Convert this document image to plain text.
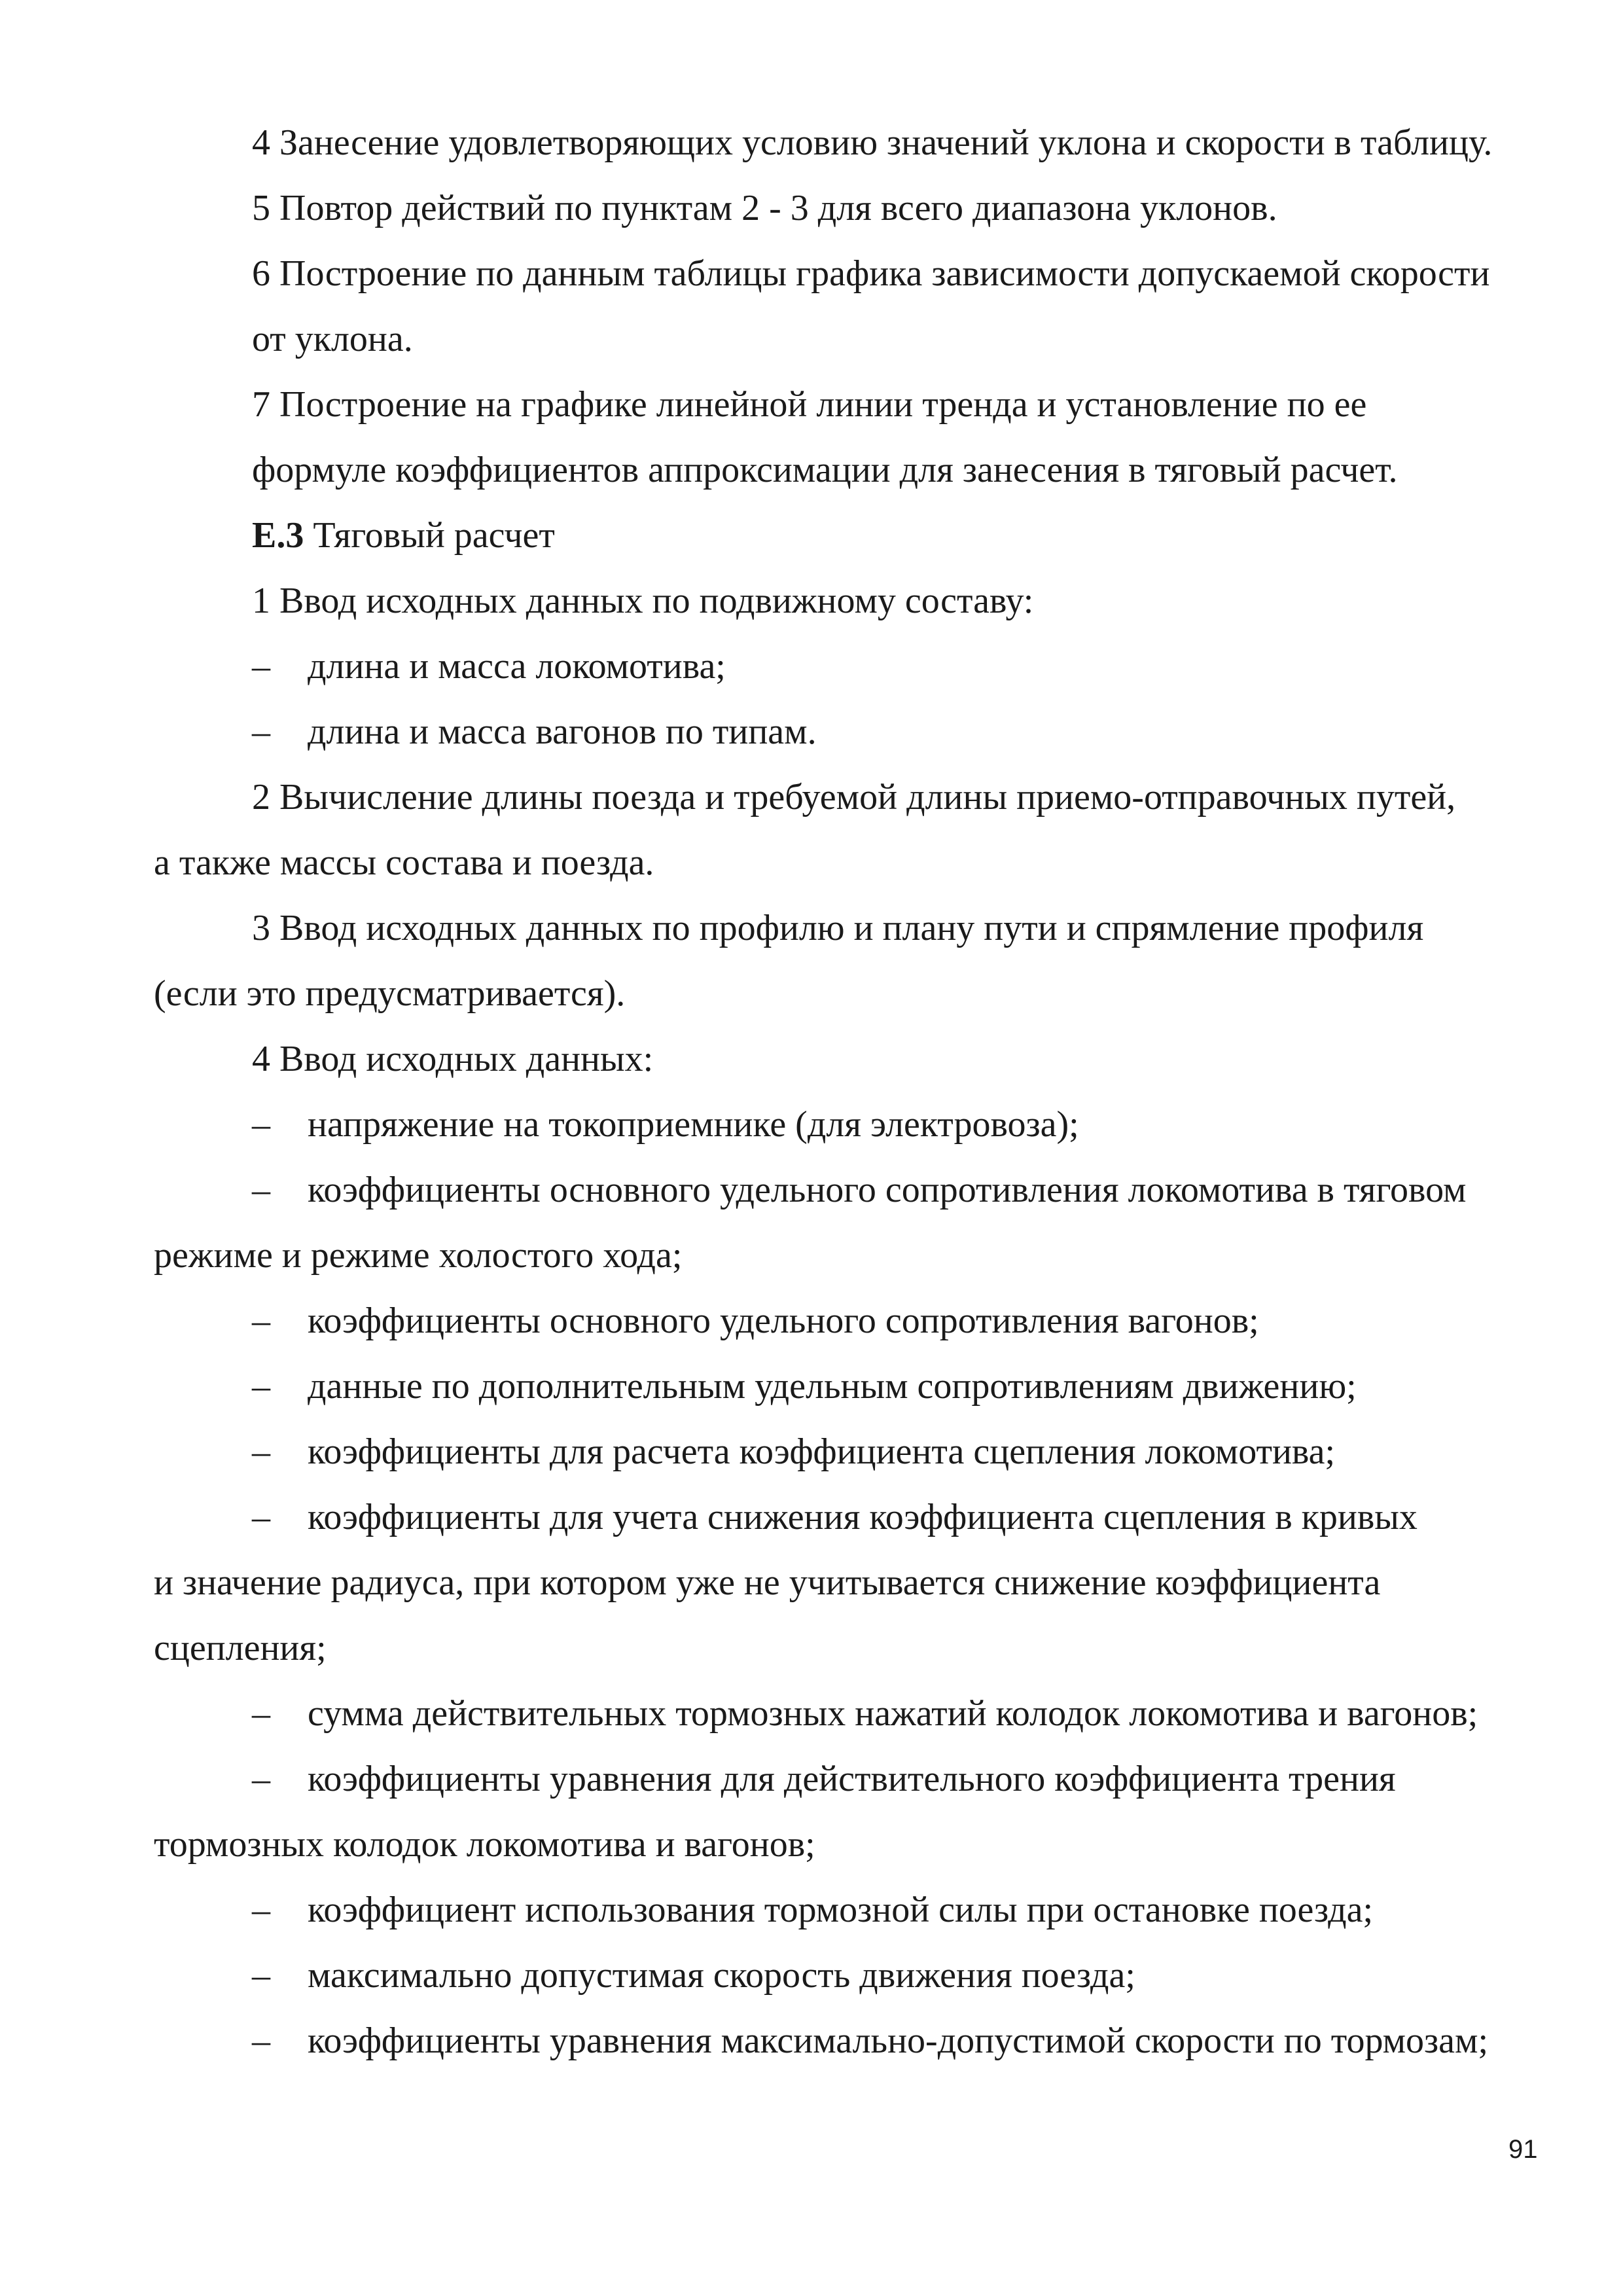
4 Занесение удовлетворяющих условию значений уклона и скорости в таблицу.
5 Повтор действий по пунктам 2 - 3 для всего диапазона уклонов.
6 Построение по данным таблицы графика зависимости допускаемой скорости
от уклона.
7 Построение на графике линейной линии тренда и установление по ее
формуле коэффициентов аппроксимации для занесения в тяговый расчет.
Е.3 Тяговый расчет
1 Ввод исходных данных по подвижному составу:
– длина и масса локомотива;
– длина и масса вагонов по типам.
2 Вычисление длины поезда и требуемой длины приемо-отправочных путей,
а также массы состава и поезда.
3 Ввод исходных данных по профилю и плану пути и спрямление профиля
(если это предусматривается).
4 Ввод исходных данных:
– напряжение на токоприемнике (для электровоза);
– коэффициенты основного удельного сопротивления локомотива в тяговом
режиме и режиме холостого хода;
– коэффициенты основного удельного сопротивления вагонов;
– данные по дополнительным удельным сопротивлениям движению;
– коэффициенты для расчета коэффициента сцепления локомотива;
– коэффициенты для учета снижения коэффициента сцепления в кривых
и значение радиуса, при котором уже не учитывается снижение коэффициента
сцепления;
– сумма действительных тормозных нажатий колодок локомотива и вагонов;
– коэффициенты уравнения для действительного коэффициента трения
тормозных колодок локомотива и вагонов;
– коэффициент использования тормозной силы при остановке поезда;
– максимально допустимая скорость движения поезда;
– коэффициенты уравнения максимально-допустимой скорости по тормозам;
91
